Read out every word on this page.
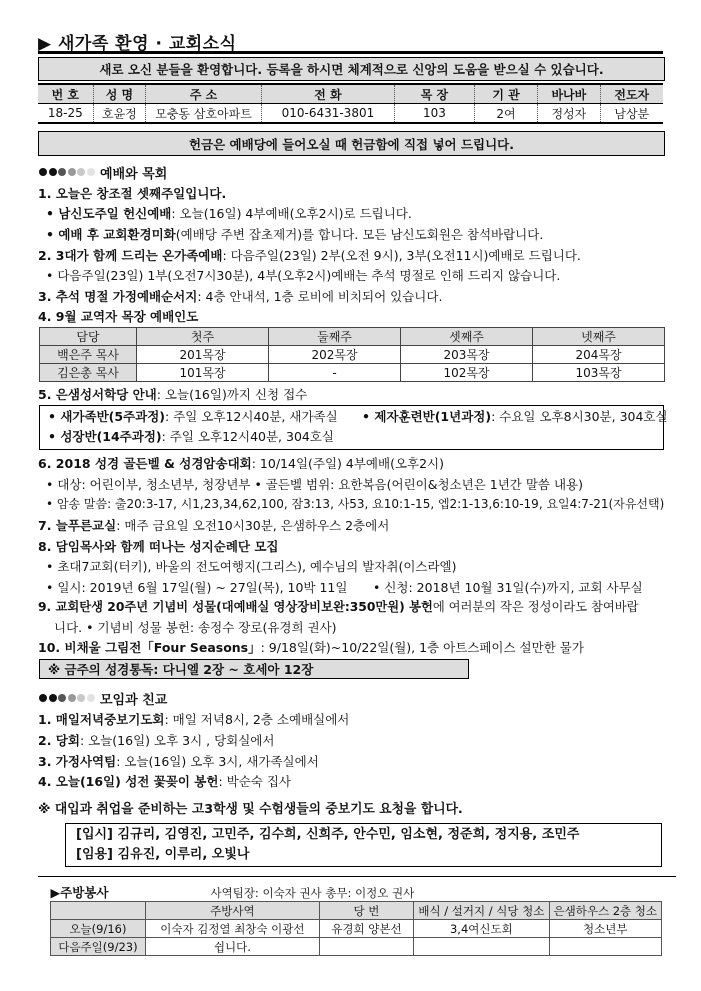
▶ 새가족 환영 · 교회소식
새로 오신 분들을 환영합니다. 등록을 하시면 체계적으로 신앙의 도움을 받으실 수 있습니다.
번 호	성 명	주 소	전 화	목 장	기 관	바나바	전도자
18-25	호윤정	모충동 삼호아파트	010-6431-3801	103	2여	정성자	남상분
헌금은 예배당에 들어오실 때 헌금함에 직접 넣어 드립니다.
예배와 목회
1. 오늘은 창조절 셋째주일입니다.
• 남신도주일 헌신예배: 오늘(16일) 4부예배(오후2시)로 드립니다.
• 예배 후 교회환경미화(예배당 주변 잡초제거)를 합니다. 모든 남신도회원은 참석바랍니다.
2. 3대가 함께 드리는 온가족예배: 다음주일(23일) 2부(오전 9시), 3부(오전11시)예배로 드립니다.
• 다음주일(23일) 1부(오전7시30분), 4부(오후2시)예배는 추석 명절로 인해 드리지 않습니다.
3. 추석 명절 가정예배순서지: 4층 안내석, 1층 로비에 비치되어 있습니다.
4. 9월 교역자 목장 예배인도
담당	첫주	둘째주	셋째주	넷째주
백은주 목사	201목장	202목장	203목장	204목장
김은총 목사	101목장	-	102목장	103목장
5. 은샘성서학당 안내: 오늘(16일)까지 신청 접수
• 새가족반(5주과정): 주일 오후12시40분, 새가족실 • 제자훈련반(1년과정): 수요일 오후8시30분, 304호실
• 성장반(14주과정): 주일 오후12시40분, 304호실
6. 2018 성경 골든벨 & 성경암송대회: 10/14일(주일) 4부예배(오후2시)
• 대상: 어린이부, 청소년부, 청장년부 • 골든벨 범위: 요한복음(어린이&청소년은 1년간 말씀 내용)
• 암송 말씀: 출20:3-17, 시1,23,34,62,100, 잠3:13, 사53, 요10:1-15, 엡2:1-13,6:10-19, 요일4:7-21(자유선택)
7. 늘푸른교실: 매주 금요일 오전10시30분, 은샘하우스 2층에서
8. 담임목사와 함께 떠나는 성지순례단 모집
• 초대7교회(터키), 바울의 전도여행지(그리스), 예수님의 발자취(이스라엘)
• 일시: 2019년 6월 17일(월) ~ 27일(목), 10박 11일 • 신청: 2018년 10월 31일(수)까지, 교회 사무실
9. 교회탄생 20주년 기념비 성물(대예배실 영상장비보완:350만원) 봉헌에 여러분의 작은 정성이라도 참여바랍
니다. • 기념비 성물 봉헌: 송정수 장로(유경희 권사)
10. 비채울 그림전「Four Seasons」: 9/18일(화)~10/22일(월), 1층 아트스페이스 설만한 물가
※ 금주의 성경통독: 다니엘 2장 ~ 호세아 12장
모임과 친교
1. 매일저녁중보기도회: 매일 저녁8시, 2층 소예배실에서
2. 당회: 오늘(16일) 오후 3시 , 당회실에서
3. 가정사역팀: 오늘(16일) 오후 3시, 새가족실에서
4. 오늘(16일) 성전 꽃꽂이 봉헌: 박순숙 집사
※ 대입과 취업을 준비하는 고3학생 및 수험생들의 중보기도 요청을 합니다.
[입시] 김규리, 김영진, 고민주, 김수희, 신희주, 안수민, 임소현, 정준희, 정지용, 조민주
[임용] 김유진, 이루리, 오빛나
▶주방봉사 사역팀장: 이숙자 권사 총무: 이정오 권사				
	주방사역	당 번	배식 / 설거지 / 식당 청소	은샘하우스 2층 청소
오늘(9/16)	이숙자 김정열 최창숙 이광선	유경희 양본선	3,4여신도회	청소년부
다음주일(9/23)	쉽니다.			
